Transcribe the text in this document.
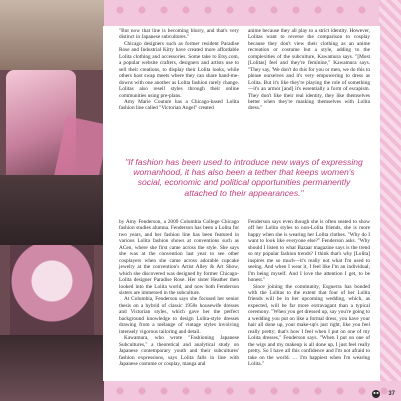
"But now that line is becoming blurry, and that's very distinct in Japanese subcultures."

Chicago designers such as former resident Paradise Rose and Industrial Kitty have created more affordable Lolita clothing and accessories. Some take to Etsy.com, a popular website crafters, designers and artists use to sell their creations, to display their Lolita looks, while others host swap meets where they can share hand-me-downs with one another as Lolita fashion rarely change. Lolitas also resell styles through their online communities using pre-plans.

Amy Marie Couture has a Chicago-based Lolita fashion line called "Victorian Angel" created

anime because they all play to a strict identity. However, Lolitas want to reverse the comparison to cosplay because they don't view their clothing as an anime recreation or costume but a style, adding to the complexities of the subculture, Kawamura says. "[Most [Lolitas] feel and they're feminine," Kawamura says. "They say, 'We don't do this for you or men, we do this to please ourselves and it's very empowering to dress as Lolita. But it's like they're playing the role of something—it's an armor [and] it's essentially a form of escapism. They don't like their real identity, they like themselves better when they're masking themselves with Lolita dress."

"If fashion has been used to introduce new ways of expressing womanhood, it has also been a tether that keeps women's social, economic and political opportunities permanently attached to their appearances."

by Amy Fenderson, a 2009 Columbia College Chicago fashion studies alumna. Fenderson has been a Lolita for two years, and her fashion line has been featured in various Lolita fashion shows at conventions such as ACen, where she first came across the style. She says she was at the convention last year to see other cosplayers when she came across adorable cupcake jewelry at the convention's Artist Alley & Art Show, which she discovered was designed by former Chicago-Lolita designer Paradise Rose. Her sister Heather then looked into the Lolita world, and now both Fenderson sisters are immersed in the subculture.

At Columbia, Fenderson says she focused her senior thesis on a hybrid of classic 1950s housewife dresses and Victorian styles, which gave her the perfect background knowledge to design Lolita-style dresses drawing from a mélange of vintage styles involving intensely vigorous tailoring and detail.

Kawamura, who wrote "Fashioning Japanese Subcultures," a theoretical and analytical study on Japanese contemporary youth and their subcultures' fashion expressions, says Lolita falls in line with Japanese costume or cosplay, manga and

Fenderson says even though she is often seated to show off her Lolita styles to non-Lolita friends, she is more happy when she is wearing her Lolita clothes. "Why do I want to look like everyone else?" Fenderson asks. "Why should I listen to what Bazaar magazine says is the trend so my popular fashion trends? I think that's why [Lolita] inspires me so much—it's really not what I'm used to seeing. And when I wear it, I feel like I'm an individual; I'm being myself. And I love the attention I get, to be honest."

Since joining the community, Esguerra has bonded with the Lolitas to the extent that four of her Lolita friends will be in her upcoming wedding, which, as expected, will be far more extravagant than a typical ceremony. "When you get dressed up, say you're going to a wedding you put on like a formal dress, you have your hair all done up, your make-up's just right, like you feel really pretty; that's how I feel when I put on one of my Lolita dresses," Fenderson says. "When I put on one of the wigs and my makeup is all done up, I just feel really pretty. So I have all this confidence and I'm not afraid to take on the world. … I'm happiest when I'm wearing Lolita."

37
